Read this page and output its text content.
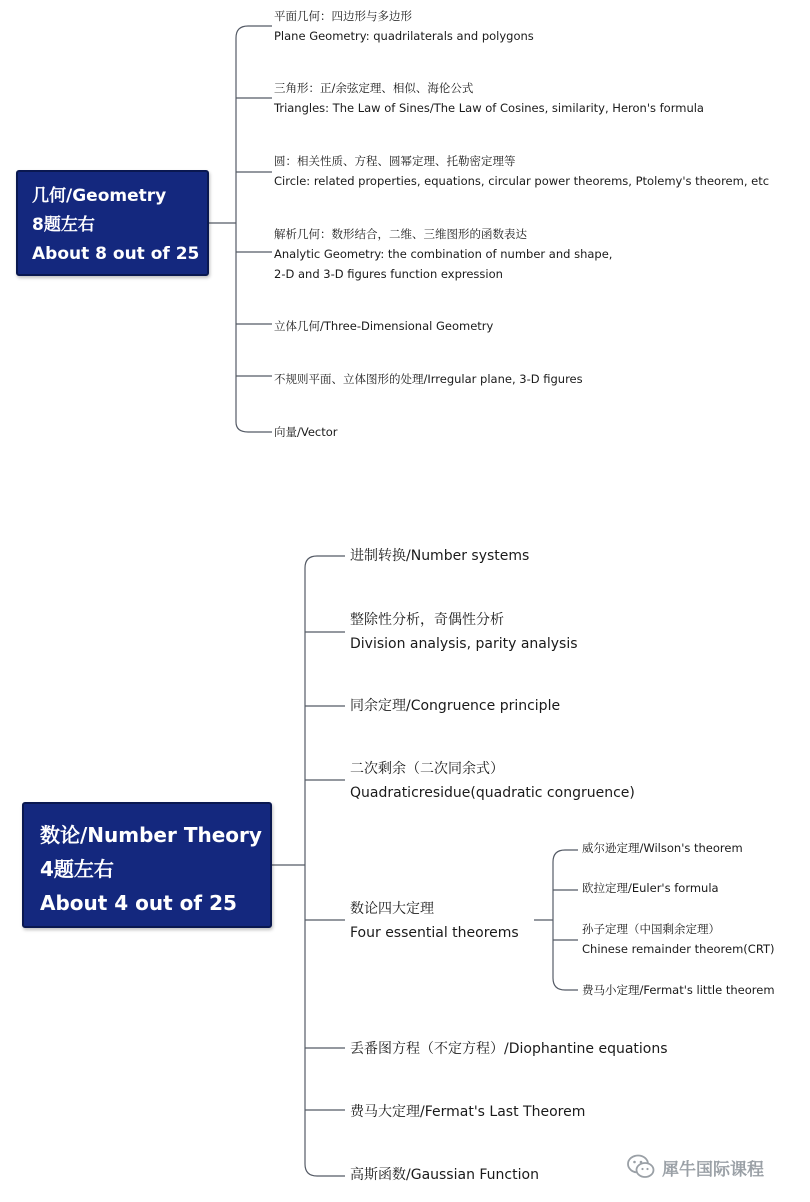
几何/Geometry
8题左右
About 8 out of 25
平面几何：四边形与多边形
Plane Geometry: quadrilaterals and polygons
三角形：正/余弦定理、相似、海伦公式
Triangles: The Law of Sines/The Law of Cosines, similarity, Heron's formula
圆：相关性质、方程、圆幂定理、托勒密定理等
Circle: related properties, equations, circular power theorems, Ptolemy's theorem, etc
解析几何：数形结合，二维、三维图形的函数表达
Analytic Geometry: the combination of number and shape,
2-D and 3-D figures function expression
立体几何/Three-Dimensional Geometry
不规则平面、立体图形的处理/Irregular plane, 3-D figures
向量/Vector
数论/Number Theory
4题左右
About 4 out of 25
进制转换/Number systems
整除性分析，奇偶性分析
Division analysis, parity analysis
同余定理/Congruence principle
二次剩余（二次同余式）
Quadraticresidue(quadratic congruence)
数论四大定理
Four essential theorems
丢番图方程（不定方程）/Diophantine equations
费马大定理/Fermat's Last Theorem
高斯函数/Gaussian Function
威尔逊定理/Wilson's theorem
欧拉定理/Euler's formula
孙子定理（中国剩余定理）
Chinese remainder theorem(CRT)
费马小定理/Fermat's little theorem
犀牛国际课程
